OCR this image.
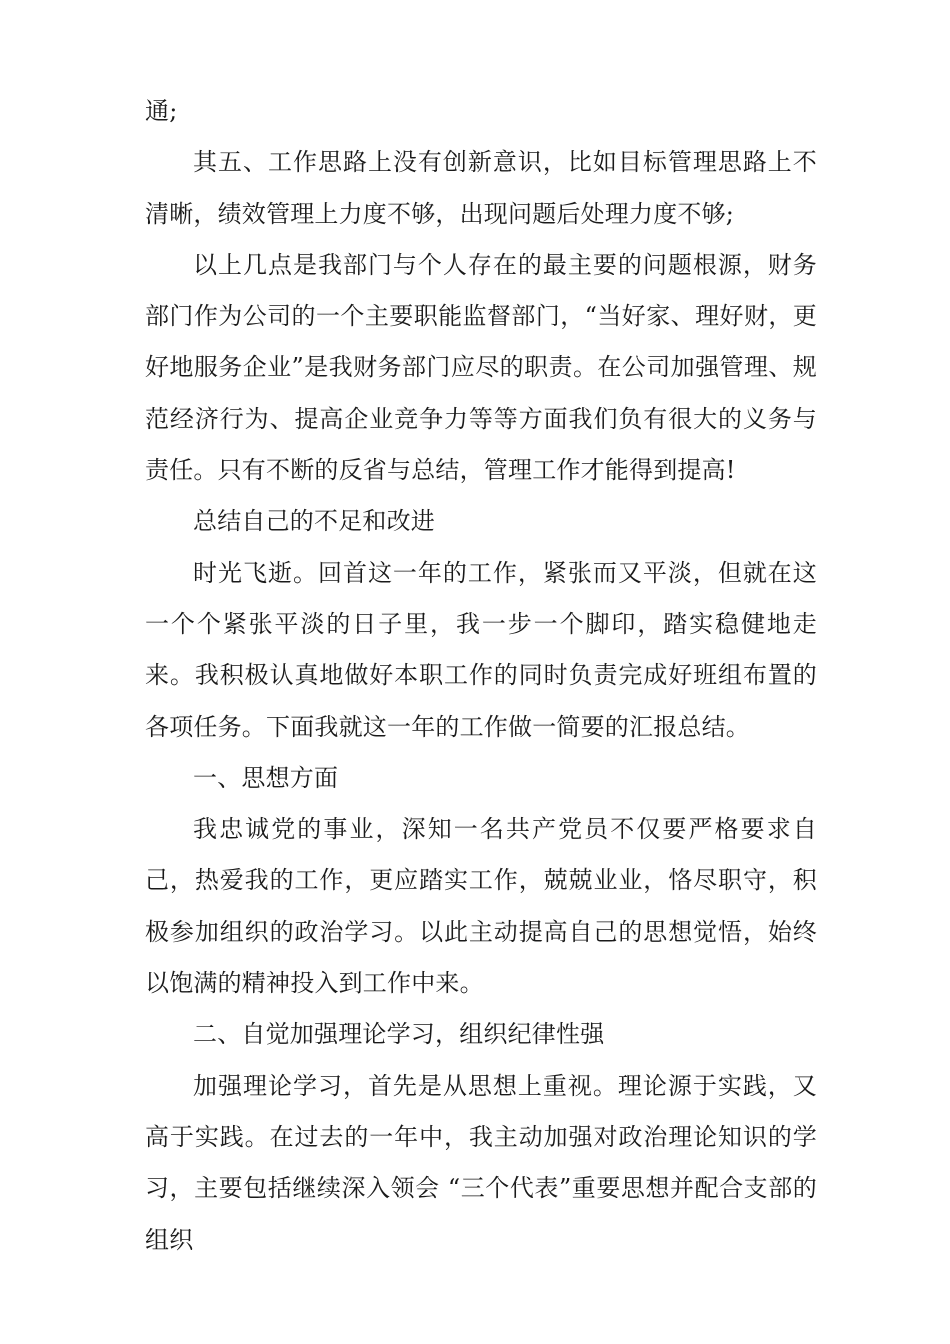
通;

其五、工作思路上没有创新意识，比如目标管理思路上不清晰，绩效管理上力度不够，出现问题后处理力度不够;

以上几点是我部门与个人存在的最主要的问题根源，财务部门作为公司的一个主要职能监督部门，“当好家、理好财，更好地服务企业”是我财务部门应尽的职责。在公司加强管理、规范经济行为、提高企业竞争力等等方面我们负有很大的义务与责任。只有不断的反省与总结，管理工作才能得到提高!

总结自己的不足和改进

时光飞逝。回首这一年的工作，紧张而又平淡，但就在这一个个紧张平淡的日子里，我一步一个脚印，踏实稳健地走来。我积极认真地做好本职工作的同时负责完成好班组布置的各项任务。下面我就这一年的工作做一简要的汇报总结。

一、思想方面

我忠诚党的事业，深知一名共产党员不仅要严格要求自己，热爱我的工作，更应踏实工作，兢兢业业，恪尽职守，积极参加组织的政治学习。以此主动提高自己的思想觉悟，始终以饱满的精神投入到工作中来。

二、自觉加强理论学习，组织纪律性强

加强理论学习，首先是从思想上重视。理论源于实践，又高于实践。在过去的一年中，我主动加强对政治理论知识的学习，主要包括继续深入领会 “三个代表”重要思想并配合支部的组织
